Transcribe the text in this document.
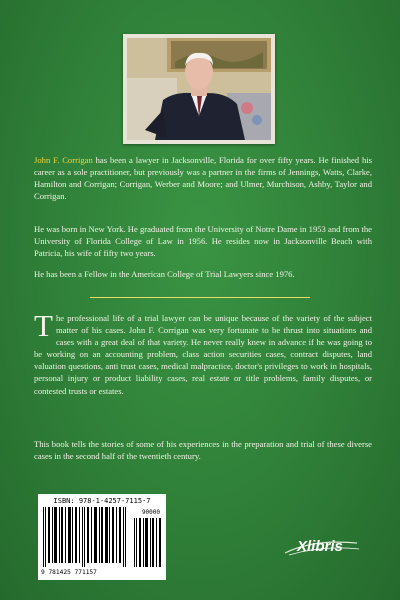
John F. Corrigan has been a lawyer in Jacksonville, Florida for over fifty years. He finished his career as a sole practitioner, but previously was a partner in the firms of Jennings, Watts, Clarke, Hamilton and Corrigan; Corrigan, Werber and Moore; and Ulmer, Murchison, Ashby, Taylor and Corrigan.

He was born in New York. He graduated from the University of Notre Dame in 1953 and from the University of Florida College of Law in 1956. He resides now in Jacksonville Beach with Patricia, his wife of fifty two years.

He has been a Fellow in the American College of Trial Lawyers since 1976.

The professional life of a trial lawyer can be unique because of the variety of the subject matter of his cases. John F. Corrigan was very fortunate to be thrust into situations and cases with a great deal of that variety. He never really knew in advance if he was going to be working on an accounting problem, class action securities cases, contract disputes, land valuation questions, anti trust cases, medical malpractice, doctor's privileges to work in hospitals, personal injury or product liability cases, real estate or title problems, family disputes, or contested trusts or estates.

This book tells the stories of some of his experiences in the preparation and trial of these diverse cases in the second half of the twentieth century.

ISBN: 978-1-4257-7115-7
90000
9 781425 771157
Xlibris
